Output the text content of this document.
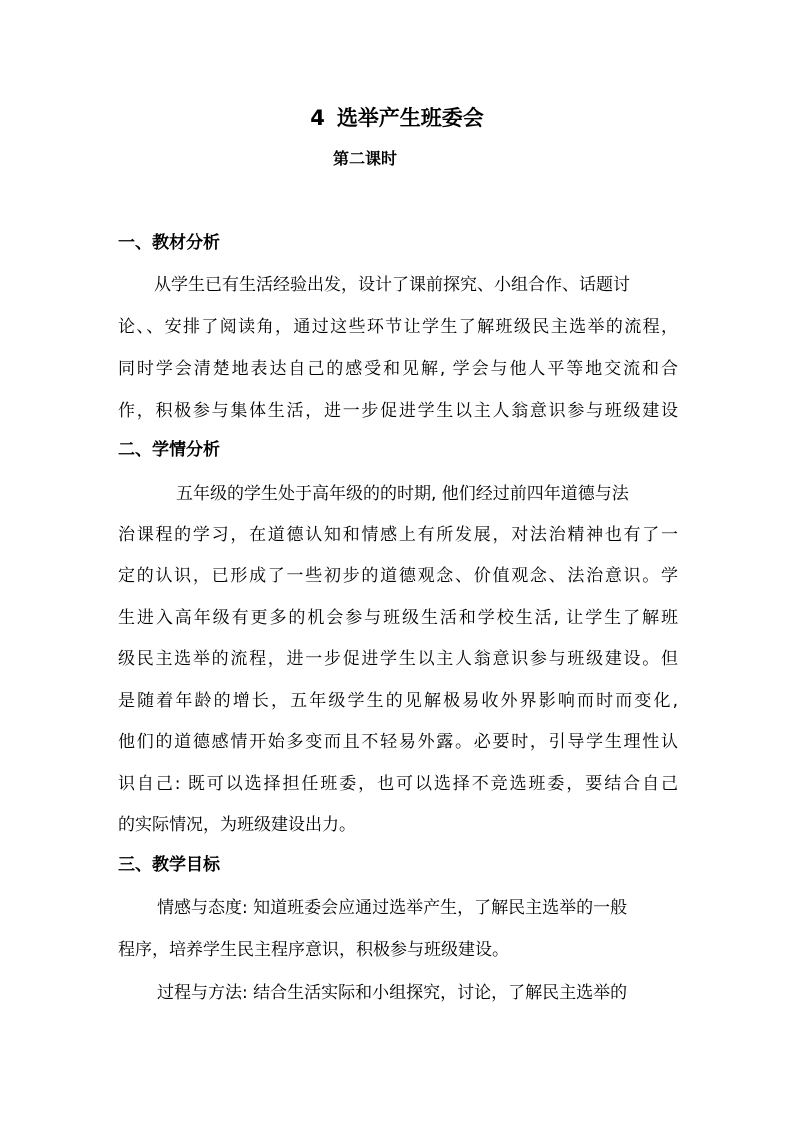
4 选举产生班委会
第二课时
一、教材分析
从学生已有生活经验出发，设计了课前探究、小组合作、话题讨
论、、安排了阅读角，通过这些环节让学生了解班级民主选举的流程，
同时学会清楚地表达自己的感受和见解, 学会与他人平等地交流和合
作，积极参与集体生活，进一步促进学生以主人翁意识参与班级建设
二、学情分析
五年级的学生处于高年级的的时期, 他们经过前四年道德与法
治课程的学习，在道德认知和情感上有所发展，对法治精神也有了一
定的认识，已形成了一些初步的道德观念、价值观念、法治意识。学
生进入高年级有更多的机会参与班级生活和学校生活, 让学生了解班
级民主选举的流程，进一步促进学生以主人翁意识参与班级建设。但
是随着年龄的增长，五年级学生的见解极易收外界影响而时而变化,
他们的道德感情开始多变而且不轻易外露。必要时，引导学生理性认
识自己: 既可以选择担任班委，也可以选择不竞选班委，要结合自己
的实际情况，为班级建设出力。
三、教学目标
情感与态度: 知道班委会应通过选举产生，了解民主选举的一般
程序，培养学生民主程序意识，积极参与班级建设。
过程与方法: 结合生活实际和小组探究，讨论，了解民主选举的
